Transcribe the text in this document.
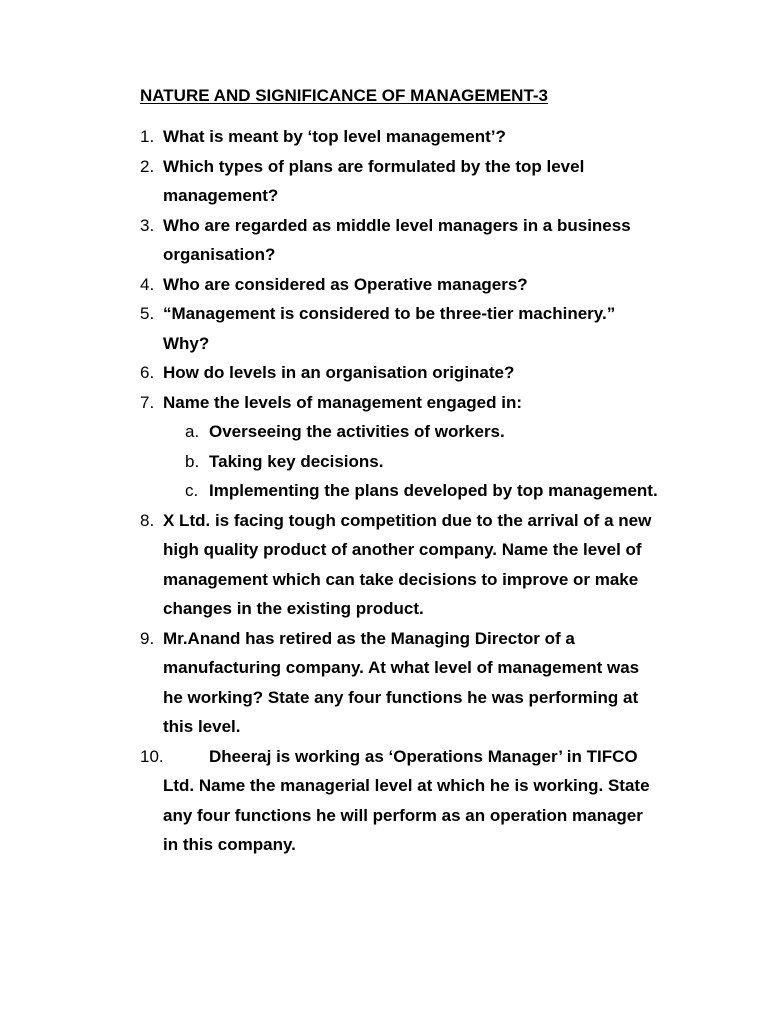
NATURE AND SIGNIFICANCE OF MANAGEMENT-3
1. What is meant by ‘top level management’?
2. Which types of plans are formulated by the top level management?
3. Who are regarded as middle level managers in a business organisation?
4. Who are considered as Operative managers?
5. “Management is considered to be three-tier machinery.” Why?
6. How do levels in an organisation originate?
7. Name the levels of management engaged in:
a. Overseeing the activities of workers.
b. Taking key decisions.
c. Implementing the plans developed by top management.
8. X Ltd. is facing tough competition due to the arrival of a new high quality product of another company. Name the level of management which can take decisions to improve or make changes in the existing product.
9. Mr.Anand has retired as the Managing Director of a manufacturing company. At what level of management was he working? State any four functions he was performing at this level.
10.	Dheeraj is working as ‘Operations Manager’ in TIFCO Ltd. Name the managerial level at which he is working. State any four functions he will perform as an operation manager in this company.
